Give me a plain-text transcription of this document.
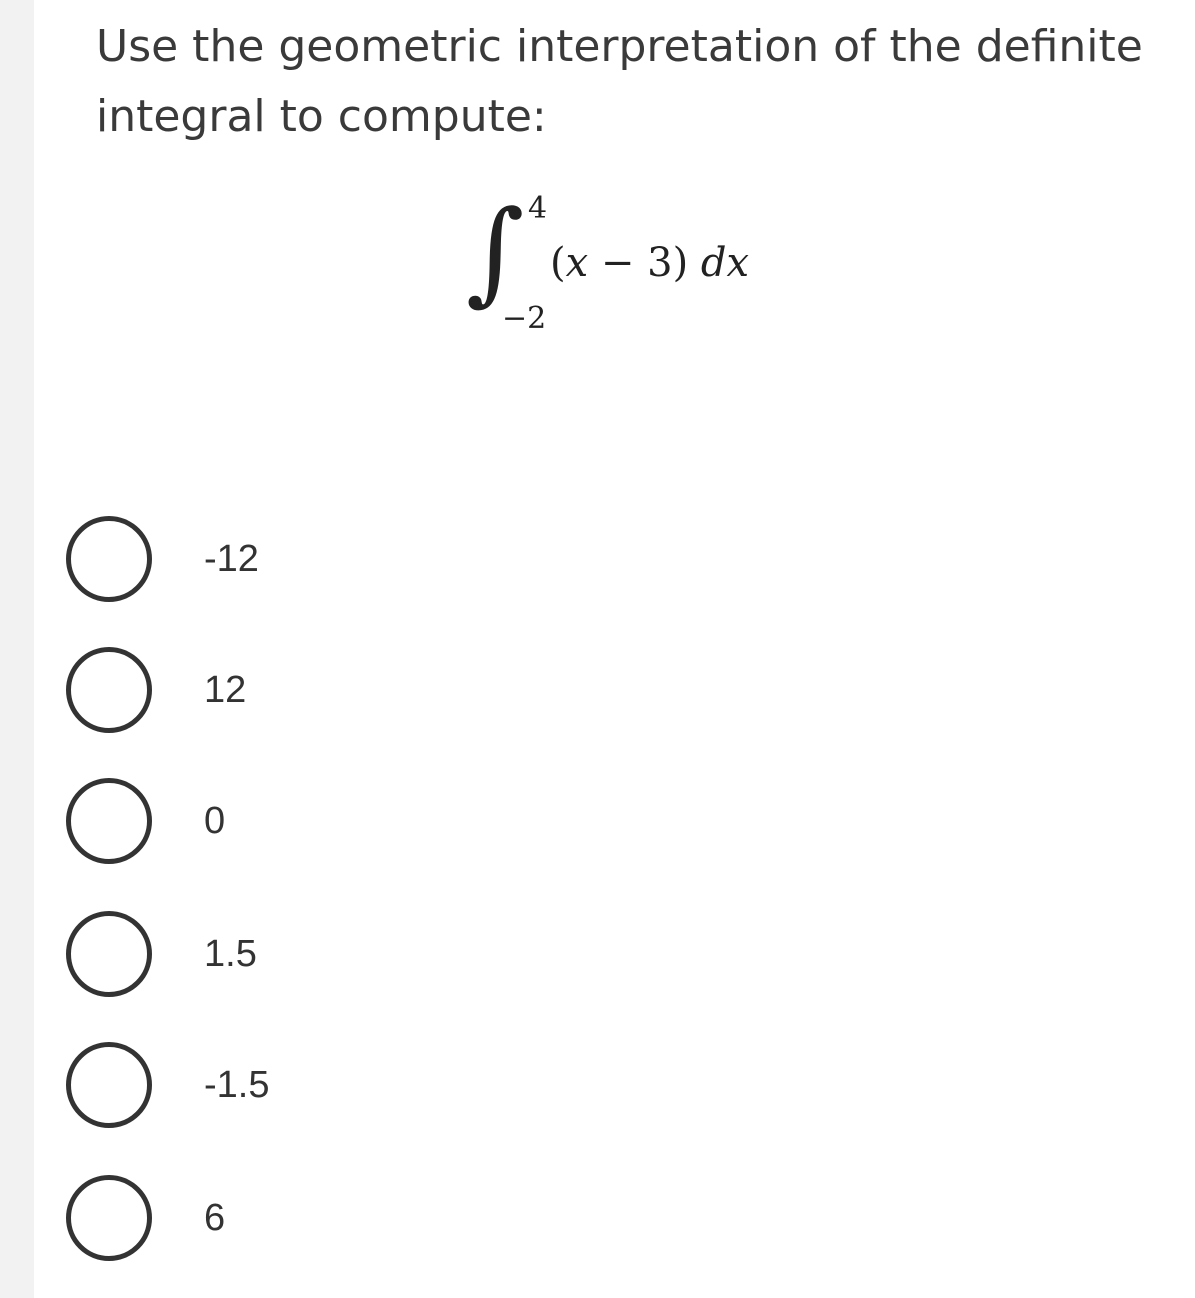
Use the geometric interpretation of the definite integral to compute:
∫ 4
(x − 3) dx
−2
-12
12
0
1.5
-1.5
6
